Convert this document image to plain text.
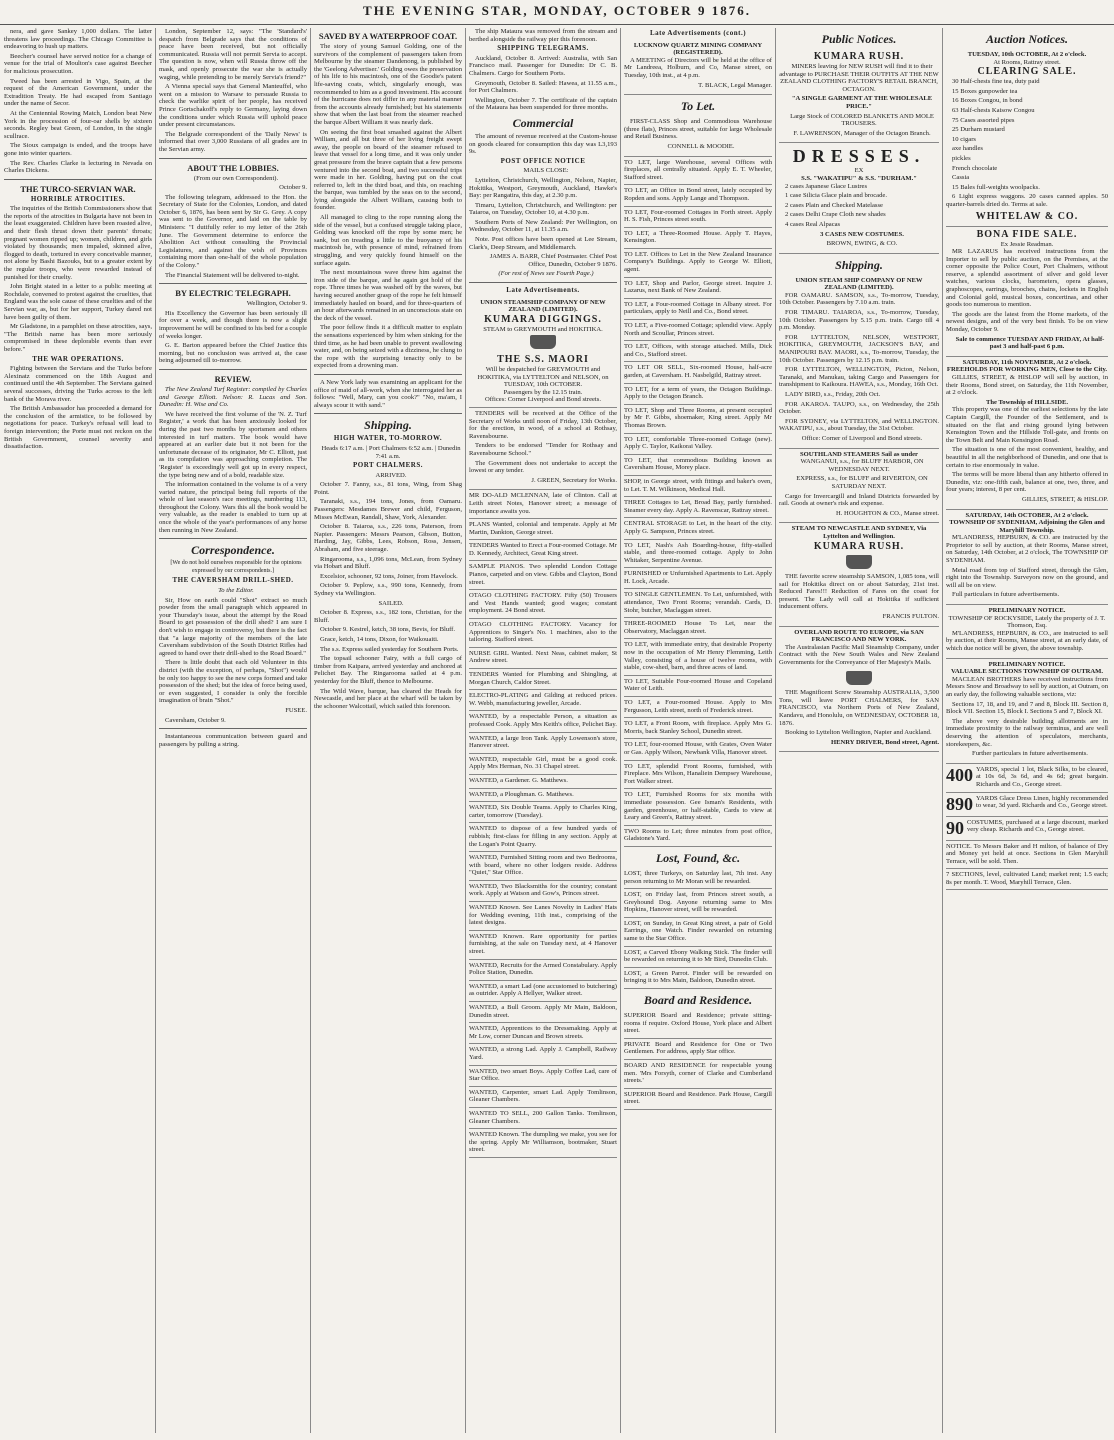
THE EVENING STAR, MONDAY, OCTOBER 9 1876.

nera, and gave Sankey 1,000 dollars. The latter threatens law proceedings. The Chicago Committee is endeavoring to hush up matters.

Beecher's counsel have served notice for a change of venue for the trial of Moulton's case against Beecher for malicious prosecution.

Tweed has been arrested in Vigo, Spain, at the request of the American Government, under the Extradition Treaty. He had escaped from Santiago under the name of Secor.

At the Centennial Rowing Match, London beat New York in the procession of four-oar shells by sixteen seconds. Regley beat Green, of London, in the single scullrace.

The Sioux campaign is ended, and the troops have gone into winter quarters.

The Rev. Charles Clarke is lecturing in Nevada on Charles Dickens.

THE TURCO-SERVIAN WAR.
HORRIBLE ATROCITIES.

The inquiries of the British Commissioners show that the reports of the atrocities in Bulgaria have not been in the least exaggerated. Children have been roasted alive, and their flesh thrust down their parents' throats; pregnant women ripped up; women, children, and girls violated by thousands; men impaled, skinned alive, flogged to death, tortured in every conceivable manner, not alone by Bashi Bazouks, but to a greater extent by the regular troops, who were rewarded instead of punished for their cruelty.

John Bright stated in a letter to a public meeting at Rochdale, convened to protest against the cruelties, that England was the sole cause of these cruelties and of the Servian war, as, but for her support, Turkey dared not have been guilty of them.

Mr Gladstone, in a pamphlet on these atrocities, says, "The British name has been more seriously compromised in these deplorable events than ever before."

THE WAR OPERATIONS.

Fighting between the Servians and the Turks before Alexinatz commenced on the 18th August and continued until the 4th September. The Servians gained several successes, driving the Turks across to the left bank of the Morava river.

The British Ambassador has proceeded a demand for the conclusion of the armistice, to be followed by negotiations for peace. Turkey's refusal will lead to foreign intervention; the Porte must not reckon on the British Government, counsel severity and dissatisfaction.

London, September 12, says: "The 'Standard's' despatch from Belgrade says that the conditions of peace have been received, but not officially communicated. Russia will not permit Servia to accept. The question is now, when will Russia throw off the mask, and openly prosecute the war she is actually waging, while pretending to be merely Servia's friend?"

A Vienna special says that General Manteuffel, who went on a mission to Warsaw to persuade Russia to check the warlike spirit of her people, has received Prince Gortschakoff's reply to Germany, laying down the conditions under which Russia will uphold peace under present circumstances.

The Belgrade correspondent of the 'Daily News' is informed that over 3,000 Russians of all grades are in the Servian army.

ABOUT THE LOBBIES.

(From our own Correspondent).

October 9.

The following telegram, addressed to the Hon. the Secretary of State for the Colonies, London, and dated October 6, 1876, has been sent by Sir G. Grey. A copy was sent to the Governor, and laid on the table by Ministers: "I dutifully refer to my letter of the 26th June. The Government determine to enforce the Abolition Act without consulting the Provincial Legislatures, and against the wish of Provinces containing more than one-half of the whole population of the Colony."

The Financial Statement will be delivered to-night.

BY ELECTRIC TELEGRAPH.

Wellington, October 9.

His Excellency the Governor has been seriously ill for over a week, and though there is now a slight improvement he will be confined to his bed for a couple of weeks longer.

G. E. Barton appeared before the Chief Justice this morning, but no conclusion was arrived at, the case being adjourned till to-morrow.

REVIEW.

The New Zealand Turf Register: compiled by Charles and George Elliott. Nelson: R. Lucas and Son. Dunedin: H. Wise and Co.

We have received the first volume of the 'N. Z. Turf Register,' a work that has been anxiously looked for during the past two months by sportsmen and others interested in turf matters. The book would have appeared at an earlier date but it not been for the unfortunate decease of its originator, Mr C. Elliott, just as its compilation was approaching completion. The 'Register' is exceedingly well got up in every respect, the type being new and of a bold, readable size.

The information contained in the volume is of a very varied nature, the principal being full reports of the whole of last season's race meetings, numbering 113, throughout the Colony. Wars this all the book would be very valuable, as the reader is enabled to turn up at once the whole of the year's performances of any horse then running in New Zealand.

Correspondence.

[We do not hold ourselves responsible for the opinions expressed by our correspondents.]

THE CAVERSHAM DRILL-SHED.

To the Editor.

Sir, How on earth could "Shot" extract so much powder from the small paragraph which appeared in your Thursday's issue, about the attempt by the Road Board to get possession of the drill shed? I am sure I don't wish to engage in controversy, but there is the fact that "a large majority of the members of the late Caversham subdivision of the South District Rifles had agreed to hand over their drill-shed to the Road Board."

There is little doubt that each old Volunteer in this district (with the exception, of perhaps, "Shot") would be only too happy to see the new corps formed and take possession of the shed; but the idea of force being used, or even suggested, I consider is only the forcible imagination of brain "Shot."

FUSEE.

Caversham, October 9.

Instantaneous communication between guard and passengers by pulling a string.

SAVED BY A WATERPROOF COAT.

The story of young Samuel Golding, one of the survivors of the complement of passengers taken from Melbourne by the steamer Dandenong, is published by the 'Geelong Advertiser.' Golding owes the preservation of his life to his macintosh, one of the Goodie's patent life-saving coats, which, singularly enough, was recommended to him as a good investment. His account of the hurricane does not differ in any material manner from the accounts already furnished; but his statements show that when the last boat from the steamer reached the barque Albert William it was nearly dark.

On seeing the first boat smashed against the Albert William, and all but three of her living freight swept away, the people on board of the steamer refused to leave that vessel for a long time, and it was only under great pressure from the brave captain that a few persons ventured into the second boat, and two successful trips were made in her. Golding, having put on the coat referred to, left in the third boat, and this, on reaching the barque, was tumbled by the seas on to the second, lying alongside the Albert William, causing both to founder.

All managed to cling to the rope running along the side of the vessel, but a confused struggle taking place, Golding was knocked off the rope by some men; he sank, but on treading a little to the buoyancy of his macintosh he, with presence of mind, refrained from struggling, and very quickly found himself on the surface again.

The next mountainous wave threw him against the iron side of the barque, and he again got hold of the rope. Three times he was washed off by the waves, but having secured another grasp of the rope he felt himself immediately hauled on board, and for three-quarters of an hour afterwards remained in an unconscious state on the deck of the vessel.

The poor fellow finds it a difficult matter to explain the sensations experienced by him when sinking for the third time, as he had been unable to prevent swallowing water, and, on being seized with a dizziness, he clung to the rope with the surprising tenacity only to be expected from a drowning man.

A New York lady was examining an applicant for the office of maid of all-work, when she interrogated her as follows: "Well, Mary, can you cook?" "No, ma'am, I always scour it with sand."

Shipping.
HIGH WATER, TO-MORROW.

Heads 6:17 a.m. | Port Chalmers 6:52 a.m. | Dunedin 7:41 a.m.

PORT CHALMERS.

ARRIVED.

October 7. Fanny, s.s., 81 tons, Wing, from Shag Point.

Taranaki, s.s., 194 tons, Jones, from Oamaru. Passengers: Mesdames Brewer and child, Ferguson, Misses McEwan, Randall, Shaw, York, Alexander.

October 8. Taiaroa, s.s., 226 tons, Paterson, from Napier. Passengers: Messrs Pearson, Gibson, Button, Harding, Jay, Gibbs, Lees, Robson, Ross, Jensen, Abraham, and five steerage.

Ringarooma, s.s., 1,096 tons, McLean, from Sydney via Hobart and Bluff.

Excelsior, schooner, 92 tons, Joiner, from Havelock.

October 9. Peplow, s.s., 990 tons, Kennedy, from Sydney via Wellington.

SAILED.

October 8. Express, s.s., 182 tons, Christian, for the Bluff.

October 9. Kestrel, ketch, 38 tons, Bevis, for Bluff.

Grace, ketch, 14 tons, Dixon, for Waikouaiti.

The s.s. Express sailed yesterday for Southern Ports.

The topsail schooner Fairy, with a full cargo of timber from Kaipara, arrived yesterday and anchored at Pelichet Bay. The Ringarooma sailed at 4 p.m. yesterday for the Bluff, thence to Melbourne.

The Wild Wave, barque, has cleared the Heads for Newcastle, and her place at the wharf will be taken by the schooner Walcottail, which sailed this forenoon.

The ship Mataura was removed from the stream and berthed alongside the railway pier this forenoon.

SHIPPING TELEGRAMS.

Auckland, October 8. Arrived: Australia, with San Francisco mail. Passenger for Dunedin: Dr C. B. Chalmers. Cargo for Southern Ports.

Greymouth, October 8. Sailed: Hawea, at 11.55 a.m., for Port Chalmers.

Wellington, October 7. The certificate of the captain of the Mataura has been suspended for three months.

Commercial

The amount of revenue received at the Custom-house on goods cleared for consumption this day was L3,193 9s.

POST OFFICE NOTICE

MAILS CLOSE:

Lyttelton, Christchurch, Wellington, Nelson, Napier, Hokitika, Westport, Greymouth, Auckland, Hawke's Bay: per Rangatira, this day, at 2.30 p.m.

Timaru, Lyttelton, Christchurch, and Wellington: per Taiaroa, on Tuesday, October 10, at 4.30 p.m.

Southern Ports of New Zealand: Per Wellington, on Wednesday, October 11, at 11.35 a.m.

Note. Post offices have been opened at Lee Stream, Clark's, Deep Stream, and Middlemarch.

JAMES A. BARR, Chief Postmaster. Chief Post Office, Dunedin, October 9 1876.

(For rest of News see Fourth Page.)

Late Advertisements.
UNION STEAMSHIP COMPANY OF NEW ZEALAND (LIMITED).
KUMARA DIGGINGS.
STEAM to GREYMOUTH and HOKITIKA.
THE S.S. MAORI
Will be despatched for GREYMOUTH and HOKITIKA, via LYTTELTON and NELSON, on TUESDAY, 10th OCTOBER.
Passengers by the 12.15 train.
Offices: Corner Liverpool and Bond streets.

TENDERS will be received at the Office of the Secretary of Works until noon of Friday, 13th October, for the erection, in wood, of a school at Rothsay, Ravensbourne.

Tenders to be endorsed "Tender for Rothsay and Ravensbourne School."

The Government does not undertake to accept the lowest or any tender.

J. GREEN, Secretary for Works.

MR DO-ALD MCLENNAN, late of Clinton. Call at Leith street Notes, Hanover street; a message of importance awaits you.
PLANS Wanted, colonial and temperate. Apply at Mr Martin, Dankton, George street.
TENDERS Wanted to Erect a Four-roomed Cottage. Mr D. Kennedy, Architect, Great King street.
SAMPLE PIANOS. Two splendid London Cottage Pianos, carpeted and on view. Gibbs and Clayton, Bond street.
OTAGO CLOTHING FACTORY. Fifty (50) Trousers and Vest Hands wanted; good wages; constant employment. 24 Bond street.
OTAGO CLOTHING FACTORY. Vacancy for Apprentices to Singer's No. 1 machines, also to the tailoring. Stafford street.
NURSE GIRL Wanted. Next Neas, cabinet maker, St Andrew street.
TENDERS Wanted for Plumbing and Shingling, at Morgan Church, Caldor Street.
ELECTRO-PLATING and Gilding at reduced prices. W. Webb, manufacturing jeweller, Arcade.
WANTED, by a respectable Person, a situation as professed Cook. Apply Mrs Keith's office, Pelichet Bay.
WANTED, a large Iron Tank. Apply Lowenson's store, Hanover street.
WANTED, respectable Girl, must be a good cook. Apply Mrs Herman, No. 31 Chapel street.
WANTED, a Gardener. G. Matthews.
WANTED, a Ploughman. G. Matthews.
WANTED, Six Double Teams. Apply to Charles King, carter, tomorrow (Tuesday).
WANTED to dispose of a few hundred yards of rubbish; first-class for filling in any section. Apply at the Logan's Point Quarry.
WANTED, Furnished Sitting room and two Bedrooms, with board, where no other lodgers reside. Address "Quiet," Star Office.
WANTED, Two Blacksmiths for the country; constant work. Apply at Watson and Gow's, Princes street.
WANTED Known. See Lanes Novelty in Ladies' Hats for Wedding evening, 11th inst., comprising of the latest designs.
WANTED Known. Rare opportunity for parties furnishing, at the sale on Tuesday next, at 4 Hanover street.
WANTED, Recruits for the Armed Constabulary. Apply Police Station, Dunedin.
WANTED, a smart Lad (one accustomed to butchering) as outrider. Apply A Hellyer, Walker street.
WANTED, a Bull Groom. Apply Mr Main, Baldoon, Dunedin street.
WANTED, Apprentices to the Dressmaking. Apply at Mr Low, corner Duncan and Brown streets.
WANTED, a strong Lad. Apply J. Campbell, Railway Yard.
WANTED, two smart Boys. Apply Coffee Lad, care of Star Office.
WANTED, Carpenter, smart Lad. Apply Tomlinson, Gleaner Chambers.
WANTED TO SELL, 200 Gallon Tanks. Tomlinson, Gleaner Chambers.
WANTED Known. The dumpling we make, you see for the spring. Apply Mr Williamson, bootmaker, Stuart street.
Late Advertisements (cont.)
LUCKNOW QUARTZ MINING COMPANY (REGISTERED).

A MEETING of Directors will be held at the office of Mr Landreea, Holburn, and Co, Manse street, on Tuesday, 10th inst., at 4 p.m.

T. BLACK, Legal Manager.

To Let.

FIRST-CLASS Shop and Commodious Warehouse (three flats), Princes street, suitable for large Wholesale and Retail Business.

CONNELL & MOODIE.

TO LET, large Warehouse, several Offices with fireplaces, all centrally situated. Apply E. T. Wheeler, Stafford street.
TO LET, an Office in Bond street, lately occupied by Ropden and sons. Apply Lange and Thompson.
TO LET, Four-roomed Cottages in Forth street. Apply H. S. Fish, Princes street south.
TO LET, a Three-Roomed House. Apply T. Hayes, Kensington.
TO LET. Offices to Let in the New Zealand Insurance Company's Buildings. Apply to George W. Elliott, agent.
TO LET, Shop and Parlor, George street. Inquire J. Lazarus, next Bank of New Zealand.
TO LET, a Four-roomed Cottage in Albany street. For particulars, apply to Neill and Co., Bond street.
TO LET, a Five-roomed Cottage; splendid view. Apply North and Scoullar, Princes street.
TO LET, Offices, with storage attached. Mills, Dick and Co., Stafford street.
TO LET OR SELL, Six-roomed House, half-acre garden, at Caversham. H. Nasbelgild, Rattray street.
TO LET, for a term of years, the Octagon Buildings. Apply to the Octagon Branch.
TO LET, Shop and Three Rooms, at present occupied by Mr F. Gibbs, shoemaker, King street. Apply Mr Thomas Brown.
TO LET, comfortable Three-roomed Cottage (new). Apply C. Taylor, Kaikorai Valley.
TO LET, that commodious Building known as Caversham House, Morey place.
SHOP, in George street, with fittings and baker's oven, to Let. T. M. Wilkinson, Medical Hall.
THREE Cottages to Let, Broad Bay, partly furnished. Steamer every day. Apply A. Ravenscar, Rattray street.
CENTRAL STORAGE to Let, in the heart of the city. Apply G. Sampson, Princes street.
TO LET, Nash's Ash Boarding-house, fifty-stalled stable, and three-roomed cottage. Apply to John Whitaker, Serpentine Avenue.
FURNISHED or Unfurnished Apartments to Let. Apply H. Lock, Arcade.
TO SINGLE GENTLEMEN. To Let, unfurnished, with attendance, Two Front Rooms; verandah. Cards, D. Stohr, butcher, Maclaggan street.
THREE-ROOMED House To Let, near the Observatory, Maclaggan street.
TO LET, with immediate entry, that desirable Property now in the occupation of Mr Henry Flemming, Leith Valley, consisting of a house of twelve rooms, with stable, cow-shed, barn, and three acres of land.
TO LET, Suitable Four-roomed House and Copeland Water of Leith.
TO LET, a Four-roomed House. Apply to Mrs Fergusson, Leith street, north of Frederick street.
TO LET, a Front Room, with fireplace. Apply Mrs G. Morris, back Stanley School, Dunedin street.
TO LET, four-roomed House, with Grates, Oven Water or Gas. Apply Wilson, Newbank Villa, Hanover street.
TO LET, splendid Front Rooms, furnished, with Fireplace. Mrs Wilson, Hanaliein Dempsey Warehouse, Fort Walker street.
TO LET, Furnished Rooms for six months with immediate possession. Gee Isman's Residents, with garden, greenhouse, or half-stable, Cards to view at Leary and Green's, Rattray street.
TWO Rooms to Let; three minutes from post office, Gladstone's Yard.
Lost, Found, &c.
LOST, three Turkeys, on Saturday last, 7th inst. Any person returning to Mr Moran will be rewarded.
LOST, on Friday last, from Princes street south, a Greyhound Dog. Anyone returning same to Mrs Hopkins, Hanover street, will be rewarded.
LOST, on Sunday, in Great King street, a pair of Gold Earrings, one Watch. Finder rewarded on returning same to the Star Office.
LOST, a Carved Ebony Walking Stick. The finder will be rewarded on returning it to Mr Bird, Dunedin Club.
LOST, a Green Parrot. Finder will be rewarded on bringing it to Mrs Main, Baldoon, Dunedin street.
Board and Residence.
SUPERIOR Board and Residence; private sitting-rooms if require. Oxford House, York place and Albert street.
PRIVATE Board and Residence for One or Two Gentlemen. For address, apply Star office.
BOARD AND RESIDENCE for respectable young men. 'Mrs Forsyth, corner of Clarke and Cumberland streets.'
SUPERIOR Board and Residence. Park House, Cargill street.
Public Notices.
KUMARA RUSH.

MINERS leaving for NEW RUSH will find it to their advantage to PURCHASE THEIR OUTFITS AT THE NEW ZEALAND CLOTHING FACTORY'S RETAIL BRANCH, OCTAGON.

"A SINGLE GARMENT AT THE WHOLESALE PRICE."

Large Stock of COLORED BLANKETS AND MOLE TROUSERS.

F. LAWRENSON, Manager of the Octagon Branch.

DRESSES.
EX
S.S. "WAKATIPU" & S.S. "DURHAM."

2 cases Japanese Glace Lustres

1 case Silicia Glace plain and brocade.

2 cases Plain and Checked Matelasse

2 cases Delhi Crape Cloth new shades

4 cases Real Alpacas

3 CASES NEW COSTUMES.

BROWN, EWING, & CO.

Shipping.
UNION STEAM SHIP COMPANY OF NEW ZEALAND (LIMITED).

FOR OAMARU. SAMSON, s.s., To-morrow, Tuesday, 10th October. Passengers by 7.10 a.m. train.

FOR TIMARU. TAIAROA, s.s., To-morrow, Tuesday, 10th October. Passengers by 5.15 p.m. train. Cargo till 4 p.m. Monday.

FOR LYTTELTON, NELSON, WESTPORT, HOKITIKA, GREYMOUTH, JACKSON'S BAY, and MANIPOURI BAY. MAORI, s.s., To-morrow, Tuesday, the 10th October. Passengers by 12.15 p.m. train.

FOR LYTTELTON, WELLINGTON, Picton, Nelson, Taranaki, and Manukau, taking Cargo and Passengers for transhipment to Kaikoura. HAWEA, s.s., Monday, 16th Oct.

LADY BIRD, s.s., Friday, 20th Oct.

FOR AKAROA. TAUPO, s.s., on Wednesday, the 25th October.

FOR SYDNEY, via LYTTELTON, and WELLINGTON. WAKATIPU, s.s., about Tuesday, the 31st October.

Office: Corner of Liverpool and Bond streets.

SOUTHLAND STEAMERS Sail as under

WANGANUI, s.s., for BLUFF HARBOR, ON WEDNESDAY NEXT.

EXPRESS, s.s., for BLUFF and RIVERTON, ON SATURDAY NEXT.

Cargo for Invercargill and Inland Districts forwarded by rail. Goods at owner's risk and expense.

H. HOUGHTON & CO., Manse street.

STEAM TO NEWCASTLE AND SYDNEY, Via Lyttelton and Wellington.
KUMARA RUSH.

THE favorite screw steamship SAMSON, 1,085 tons, will sail for Hokitika direct on or about Saturday, 21st inst. Reduced Fares!!! Reduction of Fares on the coast for present. The Lady will call at Hokitika if sufficient inducement offers.

FRANCIS FULTON.

OVERLAND ROUTE TO EUROPE, via SAN FRANCISCO AND NEW YORK.

The Australasian Pacific Mail Steamship Company, under Contract with the New South Wales and New Zealand Governments for the Conveyance of Her Majesty's Mails.

THE Magnificent Screw Steamship AUSTRALIA, 3,500 Tons, will leave PORT CHALMERS, for SAN FRANCISCO, via Northern Ports of New Zealand, Kandavu, and Honolulu, on WEDNESDAY, OCTOBER 18, 1876.

Booking to Lyttelton Wellington, Napier and Auckland.

HENRY DRIVER, Bond street, Agent.

Auction Notices.
TUESDAY, 10th OCTOBER, At 2 o'clock.
At Rooms, Rattray street.
CLEARING SALE.

30 Half-chests fine tea, duty paid

15 Boxes gunpowder tea

16 Boxes Congou, in bond

63 Half-chests Kaisow Congou

75 Cases assorted pipes

25 Durham mustard

10 cigars

axe handles

pickles

French chocolate

Cassia

15 Bales full-weights woolpacks.

6 Light express waggons. 20 cases canned apples. 50 quarter-barrels dried do. Terms at sale.

WHITELAW & CO.
BONA FIDE SALE.
Ex Jessie Readman.

MR LAZARUS has received instructions from the Importer to sell by public auction, on the Premises, at the corner opposite the Police Court, Port Chalmers, without reserve, a splendid assortment of silver and gold lever watches, various clocks, barometers, opera glasses, graphoscopes, earrings, brooches, chains, lockets in English and Colonial gold, musical boxes, concertinas, and other goods too numerous to mention.

The goods are the latest from the Home markets, of the newest designs, and of the very best finish. To be on view Monday, October 9.

Sale to commence TUESDAY AND FRIDAY, At half-past 3 and half-past 6 p.m.

SATURDAY, 11th NOVEMBER, At 2 o'clock.
FREEHOLDS FOR WORKING MEN, Close to the City.

GILLIES, STREET, & HISLOP will sell by auction, in their Rooms, Bond street, on Saturday, the 11th November, at 2 o'clock.

The Township of HILLSIDE.

This property was one of the earliest selections by the late Captain Cargill, the Founder of the Settlement, and is situated on the flat and rising ground lying between Kensington Town and the Hillside Toll-gate, and fronts on the Town Belt and Main Kensington Road.

The situation is one of the most convenient, healthy, and beautiful in all the neighborhood of Dunedin, and one that is certain to rise enormously in value.

The terms will be more liberal than any hitherto offered in Dunedin, viz: one-fifth cash, balance at one, two, three, and four years; interest, 8 per cent.

GILLIES, STREET, & HISLOP.

SATURDAY, 14th OCTOBER, At 2 o'clock.
TOWNSHIP OF SYDENHAM, Adjoining the Glen and Maryhill Township.

M'LANDRESS, HEPBURN, & CO. are instructed by the Proprietor to sell by auction, at their Rooms, Manse street, on Saturday, 14th October, at 2 o'clock, The TOWNSHIP OF SYDENHAM.

Metal road from top of Stafford street, through the Glen, right into the Township. Surveyors now on the ground, and will all be on view.

Full particulars in future advertisements.

PRELIMINARY NOTICE.
TOWNSHIP OF ROCKYSIDE, Lately the property of J. T. Thomson, Esq.

M'LANDRESS, HEPBURN, & CO., are instructed to sell by auction, at their Rooms, Manse street, at an early date, of which due notice will be given, the above township.

PRELIMINARY NOTICE.
VALUABLE SECTIONS TOWNSHIP OF OUTRAM.

MACLEAN BROTHERS have received instructions from Messrs Snow and Broadway to sell by auction, at Outram, on an early day, the following valuable sections, viz:

Sections 17, 18, and 19, and 7 and 8, Block III. Section 8, Block VII. Section 15, Block I. Sections 5 and 7, Block XI.

The above very desirable building allotments are in immediate proximity to the railway terminus, and are well deserving the attention of speculators, merchants, storekeepers, &c.

Further particulars in future advertisements.

400 YARDS, special 1 lot, Black Silks, to be cleared, at 10s 6d, 3s 6d, and 4s 6d; great bargain. Richards and Co., George street.
890 YARDS Glace Dress Linen, highly recommended to wear, 3d yard. Richards and Co., George street.
90 COSTUMES, purchased at a large discount, marked very cheap. Richards and Co., George street.
NOTICE. To Messrs Baker and H milton, of balance of Dry and Money yet held at once. Sections in Glen Maryhill Terrace, will be sold. Then.
7 SECTIONS, level, cultivated Land; market rent; 1.5 each; 8s per month. T. Wood, Maryhill Terrace, Glen.
